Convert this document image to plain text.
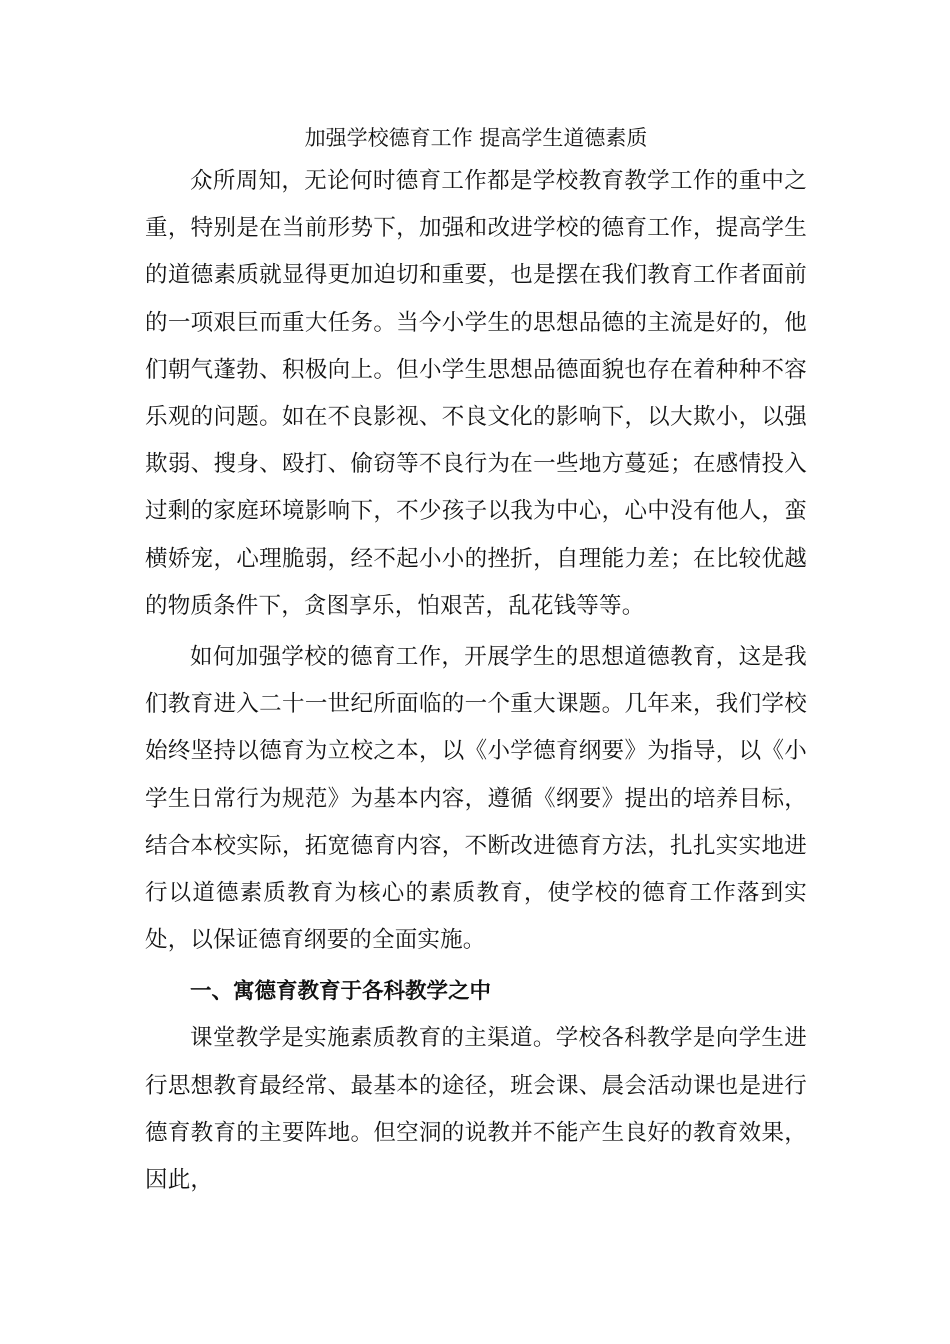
加强学校德育工作 提高学生道德素质

众所周知，无论何时德育工作都是学校教育教学工作的重中之重，特别是在当前形势下，加强和改进学校的德育工作，提高学生的道德素质就显得更加迫切和重要，也是摆在我们教育工作者面前的一项艰巨而重大任务。当今小学生的思想品德的主流是好的，他们朝气蓬勃、积极向上。但小学生思想品德面貌也存在着种种不容乐观的问题。如在不良影视、不良文化的影响下，以大欺小，以强欺弱、搜身、殴打、偷窃等不良行为在一些地方蔓延；在感情投入过剩的家庭环境影响下，不少孩子以我为中心，心中没有他人，蛮横娇宠，心理脆弱，经不起小小的挫折，自理能力差；在比较优越的物质条件下，贪图享乐，怕艰苦，乱花钱等等。

如何加强学校的德育工作，开展学生的思想道德教育，这是我们教育进入二十一世纪所面临的一个重大课题。几年来，我们学校始终坚持以德育为立校之本，以《小学德育纲要》为指导，以《小学生日常行为规范》为基本内容，遵循《纲要》提出的培养目标，结合本校实际，拓宽德育内容，不断改进德育方法，扎扎实实地进行以道德素质教育为核心的素质教育，使学校的德育工作落到实处，以保证德育纲要的全面实施。

一、寓德育教育于各科教学之中

课堂教学是实施素质教育的主渠道。学校各科教学是向学生进行思想教育最经常、最基本的途径，班会课、晨会活动课也是进行德育教育的主要阵地。但空洞的说教并不能产生良好的教育效果，因此，
